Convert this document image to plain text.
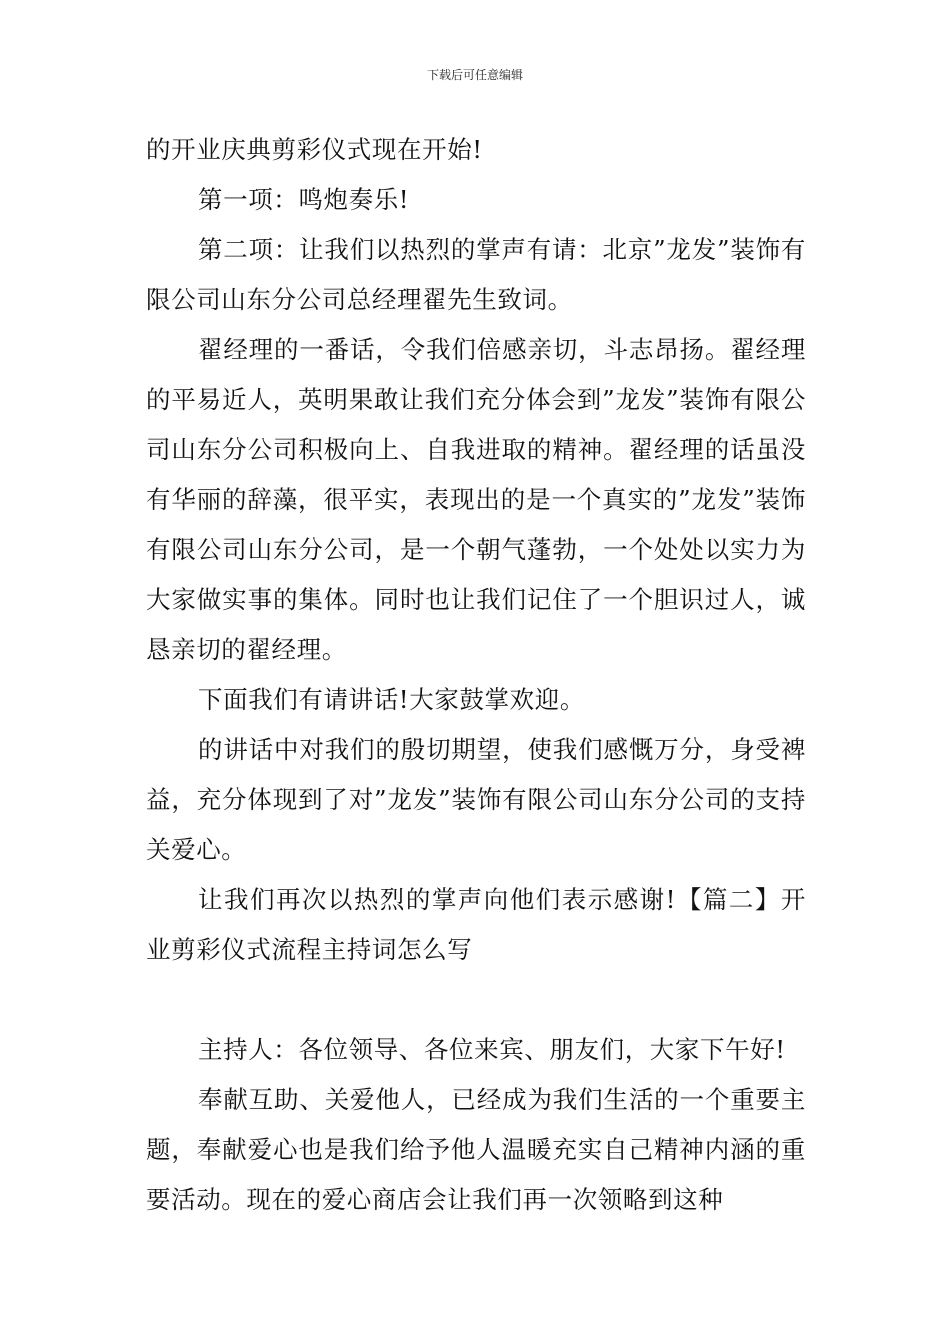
下载后可任意编辑

的开业庆典剪彩仪式现在开始!

第一项：鸣炮奏乐!

第二项：让我们以热烈的掌声有请：北京”龙发”装饰有限公司山东分公司总经理翟先生致词。

翟经理的一番话，令我们倍感亲切，斗志昂扬。翟经理的平易近人，英明果敢让我们充分体会到”龙发”装饰有限公司山东分公司积极向上、自我进取的精神。翟经理的话虽没有华丽的辞藻，很平实，表现出的是一个真实的”龙发”装饰有限公司山东分公司，是一个朝气蓬勃，一个处处以实力为大家做实事的集体。同时也让我们记住了一个胆识过人，诚恳亲切的翟经理。

下面我们有请讲话!大家鼓掌欢迎。

的讲话中对我们的殷切期望，使我们感慨万分，身受裨益，充分体现到了对”龙发”装饰有限公司山东分公司的支持关爱心。

让我们再次以热烈的掌声向他们表示感谢!【篇二】开业剪彩仪式流程主持词怎么写

主持人：各位领导、各位来宾、朋友们，大家下午好!

奉献互助、关爱他人，已经成为我们生活的一个重要主题，奉献爱心也是我们给予他人温暖充实自己精神内涵的重要活动。现在的爱心商店会让我们再一次领略到这种
